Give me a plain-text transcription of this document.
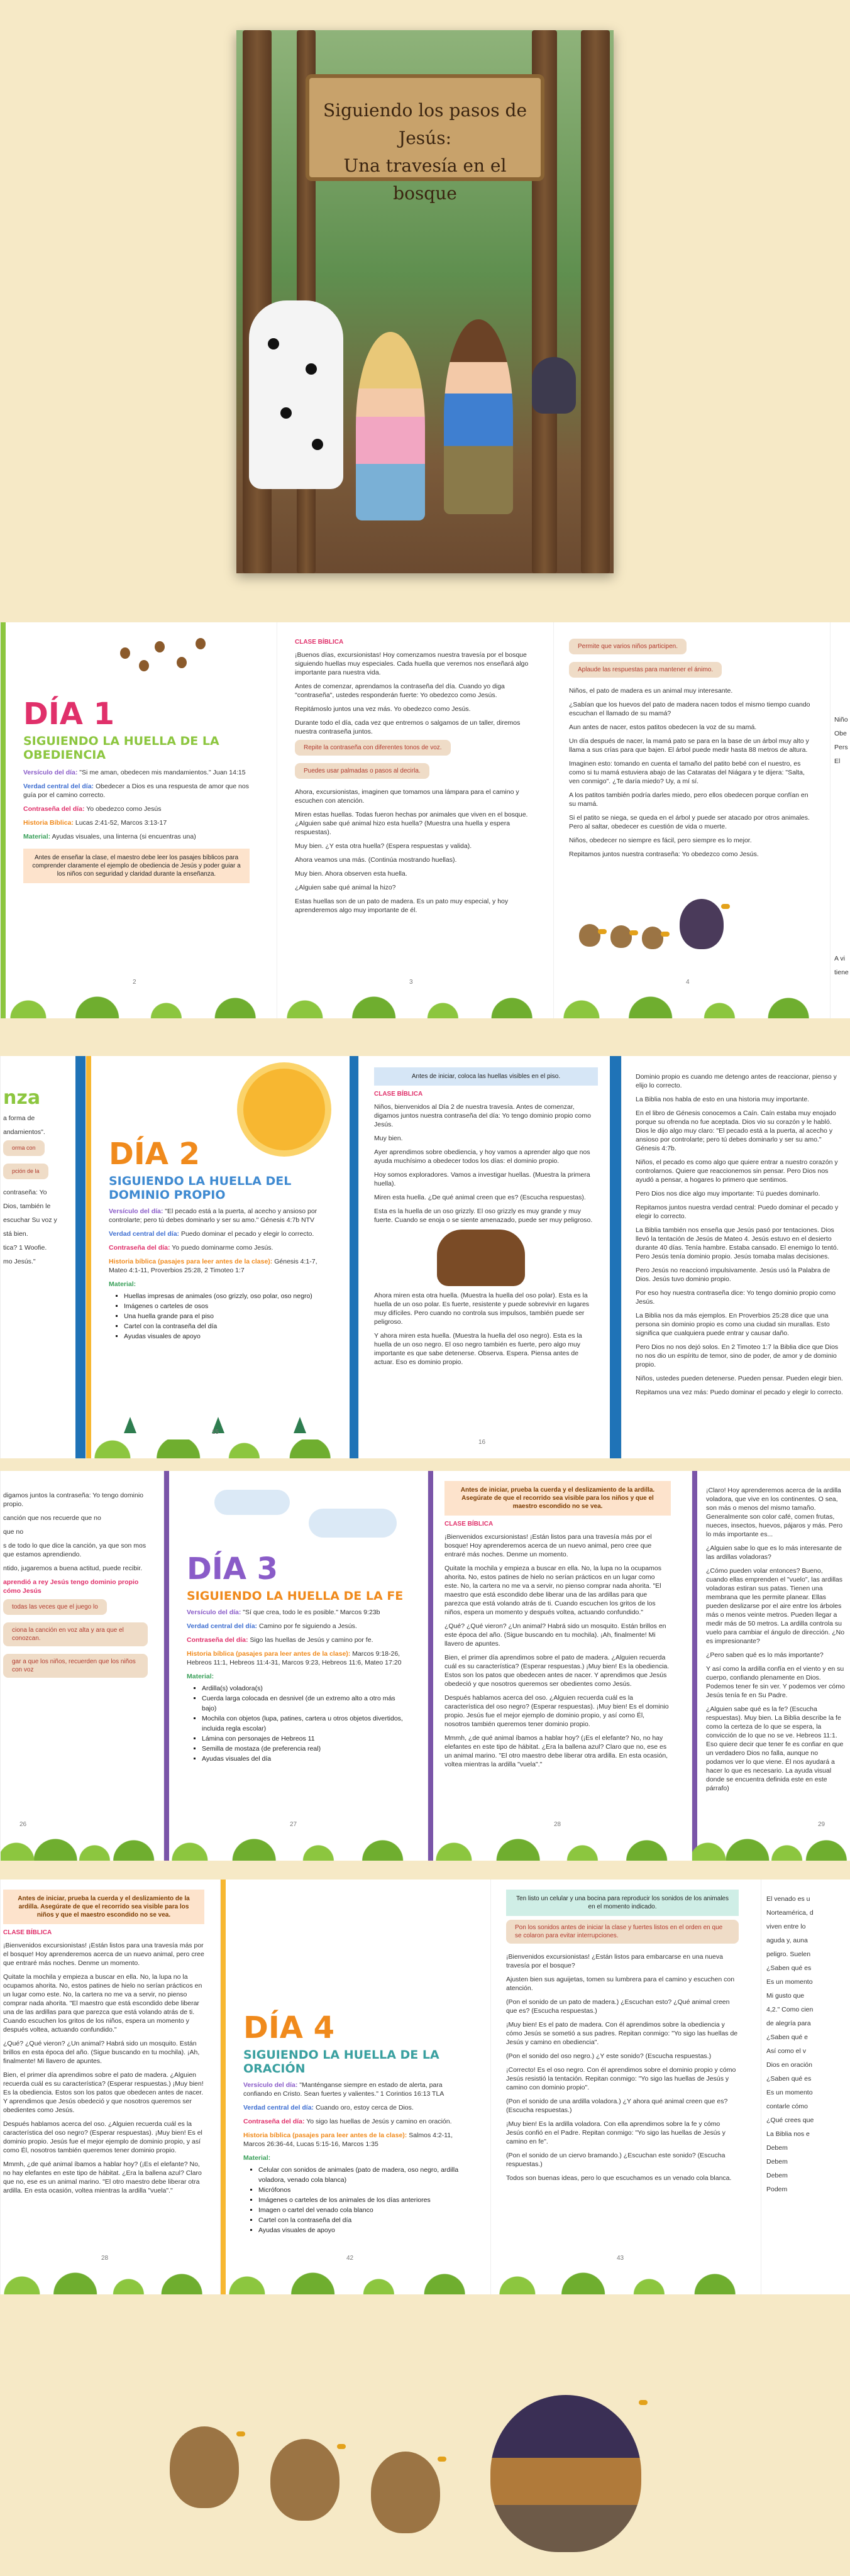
Siguiendo los pasos de Jesús:
Una travesía en el bosque
DÍA 1
SIGUIENDO LA HUELLA DE LA OBEDIENCIA
Versículo del día: "Si me aman, obedecen mis mandamientos." Juan 14:15
Verdad central del día: Obedecer a Dios es una respuesta de amor que nos guía por el camino correcto.
Contraseña del día: Yo obedezco como Jesús
Historia Bíblica: Lucas 2:41-52, Marcos 3:13-17
Material: Ayudas visuales, una linterna (si encuentras una)
Antes de enseñar la clase, el maestro debe leer los pasajes bíblicos para comprender claramente el ejemplo de obediencia de Jesús y poder guiar a los niños con seguridad y claridad durante la enseñanza.
2
CLASE BÍBLICA
¡Buenos días, excursionistas! Hoy comenzamos nuestra travesía por el bosque siguiendo huellas muy especiales. Cada huella que veremos nos enseñará algo importante para nuestra vida.
Antes de comenzar, aprendamos la contraseña del día. Cuando yo diga "contraseña", ustedes responderán fuerte: Yo obedezco como Jesús.
Repitámoslo juntos una vez más. Yo obedezco como Jesús.
Durante todo el día, cada vez que entremos o salgamos de un taller, diremos nuestra contraseña juntos.
Repite la contraseña con diferentes tonos de voz. Puedes usar palmadas o pasos al decirla.
Ahora, excursionistas, imaginen que tomamos una lámpara para el camino y escuchen con atención.
Miren estas huellas. Todas fueron hechas por animales que viven en el bosque. ¿Alguien sabe qué animal hizo esta huella? (Muestra una huella y espera respuestas).
Muy bien. ¿Y esta otra huella? (Espera respuestas y valida).
Ahora veamos una más. (Continúa mostrando huellas).
Muy bien. Ahora observen esta huella.
¿Alguien sabe qué animal la hizo?
Estas huellas son de un pato de madera. Es un pato muy especial, y hoy aprenderemos algo muy importante de él.
3
Permite que varios niños participen. Aplaude las respuestas para mantener el ánimo.
Niños, el pato de madera es un animal muy interesante.
¿Sabían que los huevos del pato de madera nacen todos el mismo tiempo cuando escuchan el llamado de su mamá?
Aun antes de nacer, estos patitos obedecen la voz de su mamá.
Un día después de nacer, la mamá pato se para en la base de un árbol muy alto y llama a sus crías para que bajen. El árbol puede medir hasta 88 metros de altura.
Imaginen esto: tomando en cuenta el tamaño del patito bebé con el nuestro, es como si tu mamá estuviera abajo de las Cataratas del Niágara y te dijera: "Salta, ven conmigo". ¿Te daría miedo? Uy, a mí sí.
A los patitos también podría darles miedo, pero ellos obedecen porque confían en su mamá.
Si el patito se niega, se queda en el árbol y puede ser atacado por otros animales. Pero al saltar, obedecer es cuestión de vida o muerte.
Niños, obedecer no siempre es fácil, pero siempre es lo mejor.
Repitamos juntos nuestra contraseña: Yo obedezco como Jesús.
4
Niño
Obe
Pers
El
A vi
tiene
nza
a forma de
andamientos".
orma con pción de la
contraseña: Yo
Dios, también le
escuchar Su voz y
stá bien.
tica? 1 Woofie.
mo Jesús."
DÍA 2
SIGUIENDO LA HUELLA DEL DOMINIO PROPIO
Versículo del día: "El pecado está a la puerta, al acecho y ansioso por controlarte; pero tú debes dominarlo y ser su amo." Génesis 4:7b NTV
Verdad central del día: Puedo dominar el pecado y elegir lo correcto.
Contraseña del día: Yo puedo dominarme como Jesús.
Historia bíblica (pasajes para leer antes de la clase): Génesis 4:1-7, Mateo 4:1-11, Proverbios 25:28, 2 Timoteo 1:7
Material:
▪ Huellas impresas de animales (oso grizzly, oso polar, oso negro)
▪ Imágenes o carteles de osos
▪ Una huella grande para el piso
▪ Cartel con la contraseña del día
▪ Ayudas visuales de apoyo
15
Antes de iniciar, coloca las huellas visibles en el piso.
CLASE BÍBLICA
Niños, bienvenidos al Día 2 de nuestra travesía. Antes de comenzar, digamos juntos nuestra contraseña del día: Yo tengo dominio propio como Jesús.
Muy bien.
Ayer aprendimos sobre obediencia, y hoy vamos a aprender algo que nos ayuda muchísimo a obedecer todos los días: el dominio propio.
Hoy somos exploradores. Vamos a investigar huellas. (Muestra la primera huella).
Miren esta huella. ¿De qué animal creen que es? (Escucha respuestas).
Esta es la huella de un oso grizzly. El oso grizzly es muy grande y muy fuerte. Cuando se enoja o se siente amenazado, puede ser muy peligroso.
Ahora miren esta otra huella. (Muestra la huella del oso polar). Esta es la huella de un oso polar. Es fuerte, resistente y puede sobrevivir en lugares muy difíciles. Pero cuando no controla sus impulsos, también puede ser peligroso.
Y ahora miren esta huella. (Muestra la huella del oso negro). Esta es la huella de un oso negro. El oso negro también es fuerte, pero algo muy importante es que sabe detenerse. Observa. Espera. Piensa antes de actuar. Eso es dominio propio.
16
Dominio propio es cuando me detengo antes de reaccionar, pienso y elijo lo correcto.
La Biblia nos habla de esto en una historia muy importante.
En el libro de Génesis conocemos a Caín. Caín estaba muy enojado porque su ofrenda no fue aceptada. Dios vio su corazón y le habló. Dios le dijo algo muy claro: "El pecado está a la puerta, al acecho y ansioso por controlarte; pero tú debes dominarlo y ser su amo." Génesis 4:7b.
Niños, el pecado es como algo que quiere entrar a nuestro corazón y controlarnos. Quiere que reaccionemos sin pensar. Pero Dios nos ayudó a pensar, a hogares lo primero que sentimos.
Pero Dios nos dice algo muy importante: Tú puedes dominarlo.
Repitamos juntos nuestra verdad central: Puedo dominar el pecado y elegir lo correcto.
La Biblia también nos enseña que Jesús pasó por tentaciones. Dios llevó la tentación de Jesús de Mateo 4. Jesús estuvo en el desierto durante 40 días. Tenía hambre. Estaba cansado. El enemigo lo tentó. Pero Jesús tenía dominio propio. Jesús tomaba malas decisiones.
Pero Jesús no reaccionó impulsivamente. Jesús usó la Palabra de Dios. Jesús tuvo dominio propio.
Por eso hoy nuestra contraseña dice: Yo tengo dominio propio como Jesús.
La Biblia nos da más ejemplos. En Proverbios 25:28 dice que una persona sin dominio propio es como una ciudad sin murallas. Esto significa que cualquiera puede entrar y causar daño.
Pero Dios no nos dejó solos. En 2 Timoteo 1:7 la Biblia dice que Dios no nos dio un espíritu de temor, sino de poder, de amor y de dominio propio.
Niños, ustedes pueden detenerse. Pueden pensar. Pueden elegir bien.
Repitamos una vez más: Puedo dominar el pecado y elegir lo correcto.
digamos juntos la contraseña: Yo tengo dominio propio.
canción que nos recuerde que no
que no
s de todo lo que dice la canción, ya que son mos que estamos aprendiendo.
ntido, jugaremos a buena actitud, puede recibir.
aprendió a rey Jesús tengo dominio propio cómo Jesús
todas las veces que el juego lo ciona la canción en voz alta y ara que el conozcan. gar a que los niños, recuerden que los niños con voz
26
DÍA 3
SIGUIENDO LA HUELLA DE LA FE
Versículo del día: "Sí que crea, todo le es posible." Marcos 9:23b
Verdad central del día: Camino por fe siguiendo a Jesús.
Contraseña del día: Sigo las huellas de Jesús y camino por fe.
Historia bíblica (pasajes para leer antes de la clase): Marcos 9:18-26, Hebreos 11:1, Hebreos 11:4-31, Marcos 9:23, Hebreos 11:6, Mateo 17:20
Material:
▪ Ardilla(s) voladora(s)
▪ Cuerda larga colocada en desnivel (de un extremo alto a otro más bajo)
▪ Mochila con objetos (lupa, patines, cartera u otros objetos divertidos, incluida regla escolar)
▪ Lámina con personajes de Hebreos 11
▪ Semilla de mostaza (de preferencia real)
▪ Ayudas visuales del día
27
Antes de iniciar, prueba la cuerda y el deslizamiento de la ardilla. Asegúrate de que el recorrido sea visible para los niños y que el maestro escondido no se vea.
CLASE BÍBLICA
¡Bienvenidos excursionistas! ¡Están listos para una travesía más por el bosque! Hoy aprenderemos acerca de un nuevo animal, pero cree que entraré más noches. Denme un momento.
Quitate la mochila y empieza a buscar en ella. No, la lupa no la ocupamos ahorita. No, estos patines de hielo no serían prácticos en un lugar como este. No, la cartera no me va a servir, no pienso comprar nada ahorita. "El maestro que está escondido debe liberar una de las ardillas para que parezca que está volando atrás de ti. Cuando escuchen los gritos de los niños, espera un momento y después voltea, actuando confundido."
¿Qué? ¿Qué vieron? ¿Un animal? Habrá sido un mosquito. Están brillos en este época del año. (Sigue buscando en tu mochila). ¡Ah, finalmente! Mi llavero de apuntes.
Bien, el primer día aprendimos sobre el pato de madera. ¿Alguien recuerda cuál es su característica? (Esperar respuestas.) ¡Muy bien! Es la obediencia. Estos son los patos que obedecen antes de nacer. Y aprendimos que Jesús obedeció y que nosotros queremos ser obedientes como Jesús.
Después hablamos acerca del oso. ¿Alguien recuerda cuál es la característica del oso negro? (Esperar respuestas). ¡Muy bien! Es el dominio propio. Jesús fue el mejor ejemplo de dominio propio, y así como Él, nosotros también queremos tener dominio propio.
Mmmh, ¿de qué animal íbamos a hablar hoy? (¡Es el elefante? No, no hay elefantes en este tipo de hábitat. ¿Era la ballena azul? Claro que no, ese es un animal marino. "El otro maestro debe liberar otra ardilla. En esta ocasión, voltea mientras la ardilla "vuela"."
28
¡Claro! Hoy aprenderemos acerca de la ardilla voladora, que vive en los continentes. O sea, son más o menos del mismo tamaño. Generalmente son color café, comen frutas, nueces, insectos, huevos, pájaros y más. Pero lo más importante es...
¿Alguien sabe lo que es lo más interesante de las ardillas voladoras?
¿Cómo pueden volar entonces? Bueno, cuando ellas emprenden el "vuelo", las ardillas voladoras estiran sus patas. Tienen una membrana que les permite planear. Ellas pueden deslizarse por el aire entre los árboles más o menos veinte metros. Pueden llegar a medir más de 50 metros. La ardilla controla su vuelo para cambiar el ángulo de dirección. ¿No es impresionante?
¿Pero saben qué es lo más importante?
Y así como la ardilla confía en el viento y en su cuerpo, confiando plenamente en Dios. Podemos tener fe sin ver. Y podemos ver cómo Jesús tenía fe en Su Padre.
¿Alguien sabe qué es la fe? (Escucha respuestas). Muy bien. La Biblia describe la fe como la certeza de lo que se espera, la convicción de lo que no se ve. Hebreos 11:1. Eso quiere decir que tener fe es confiar en que un verdadero Dios no falla, aunque no podamos ver lo que viene. Él nos ayudará a hacer lo que es necesario. La ayuda visual donde se encuentra definida este en este párrafo)
29
Antes de iniciar, prueba la cuerda y el deslizamiento de la ardilla. Asegúrate de que el recorrido sea visible para los niños y que el maestro escondido no se vea.
CLASE BÍBLICA
¡Bienvenidos excursionistas! ¡Están listos para una travesía más por el bosque! Hoy aprenderemos acerca de un nuevo animal, pero cree que entraré más noches. Denme un momento.
Quitate la mochila y empieza a buscar en ella. No, la lupa no la ocupamos ahorita. No, estos patines de hielo no serían prácticos en un lugar como este. No, la cartera no me va a servir, no pienso comprar nada ahorita. "El maestro que está escondido debe liberar una de las ardillas para que parezca que está volando atrás de ti. Cuando escuchen los gritos de los niños, espera un momento y después voltea, actuando confundido."
¿Qué? ¿Qué vieron? ¿Un animal? Habrá sido un mosquito. Están brillos en esta época del año. (Sigue buscando en tu mochila). ¡Ah, finalmente! Mi llavero de apuntes.
Bien, el primer día aprendimos sobre el pato de madera. ¿Alguien recuerda cuál es su característica? (Esperar respuestas.) ¡Muy bien! Es la obediencia. Estos son los patos que obedecen antes de nacer. Y aprendimos que Jesús obedeció y que nosotros queremos ser obedientes como Jesús.
Después hablamos acerca del oso. ¿Alguien recuerda cuál es la característica del oso negro? (Esperar respuestas). ¡Muy bien! Es el dominio propio. Jesús fue el mejor ejemplo de dominio propio, y así como Él, nosotros también queremos tener dominio propio.
Mmmh, ¿de qué animal íbamos a hablar hoy? (¡Es el elefante? No, no hay elefantes en este tipo de hábitat. ¿Era la ballena azul? Claro que no, ese es un animal marino. "El otro maestro debe liberar otra ardilla. En esta ocasión, voltea mientras la ardilla "vuela"."
28
DÍA 4
SIGUIENDO LA HUELLA DE LA ORACIÓN
Versículo del día: "Manténganse siempre en estado de alerta, para confiando en Cristo. Sean fuertes y valientes." 1 Corintios 16:13 TLA
Verdad central del día: Cuando oro, estoy cerca de Dios.
Contraseña del día: Yo sigo las huellas de Jesús y camino en oración.
Historia bíblica (pasajes para leer antes de la clase): Salmos 4:2-11, Marcos 26:36-44, Lucas 5:15-16, Marcos 1:35
Material:
▪ Celular con sonidos de animales (pato de madera, oso negro, ardilla voladora, venado cola blanca)
▪ Micrófonos
▪ Imágenes o carteles de los animales de los días anteriores
▪ Imagen o cartel del venado cola blanco
▪ Cartel con la contraseña del día
▪ Ayudas visuales de apoyo
42
Ten listo un celular y una bocina para reproducir los sonidos de los animales en el momento indicado.
Pon los sonidos antes de iniciar la clase y fuertes listos en el orden en que se colaron para evitar interrupciones.
¡Bienvenidos excursionistas! ¿Están listos para embarcarse en una nueva travesía por el bosque?
Ajusten bien sus aguijetas, tomen su lumbrera para el camino y escuchen con atención.
(Pon el sonido de un pato de madera.) ¿Escuchan esto? ¿Qué animal creen que es? (Escucha respuestas.)
¡Muy bien! Es el pato de madera. Con él aprendimos sobre la obediencia y cómo Jesús se sometió a sus padres. Repitan conmigo: "Yo sigo las huellas de Jesús y camino en obediencia".
(Pon el sonido del oso negro.) ¿Y este sonido? (Escucha respuestas.)
¡Correcto! Es el oso negro. Con él aprendimos sobre el dominio propio y cómo Jesús resistió la tentación. Repitan conmigo: "Yo sigo las huellas de Jesús y camino con dominio propio".
(Pon el sonido de una ardilla voladora.) ¿Y ahora qué animal creen que es? (Escucha respuestas.)
¡Muy bien! Es la ardilla voladora. Con ella aprendimos sobre la fe y cómo Jesús confió en el Padre. Repitan conmigo: "Yo sigo las huellas de Jesús y camino en fe".
(Pon el sonido de un ciervo bramando.) ¿Escuchan este sonido? (Escucha respuestas.)
Todos son buenas ideas, pero lo que escuchamos es un venado cola blanca.
43
El venado es u
Norteamérica, d
viven entre lo
aguda y, auna
peligro. Suelen
¿Saben qué es
Es un momento
Mi gusto que
4,2." Como cien
de alegría para
¿Saben qué e
Así como el v
Dios en oración
¿Saben qué es
Es un momento
contarle cómo
¿Qué crees que
La Biblia nos e
Debem
Debem
Debem
Podem
